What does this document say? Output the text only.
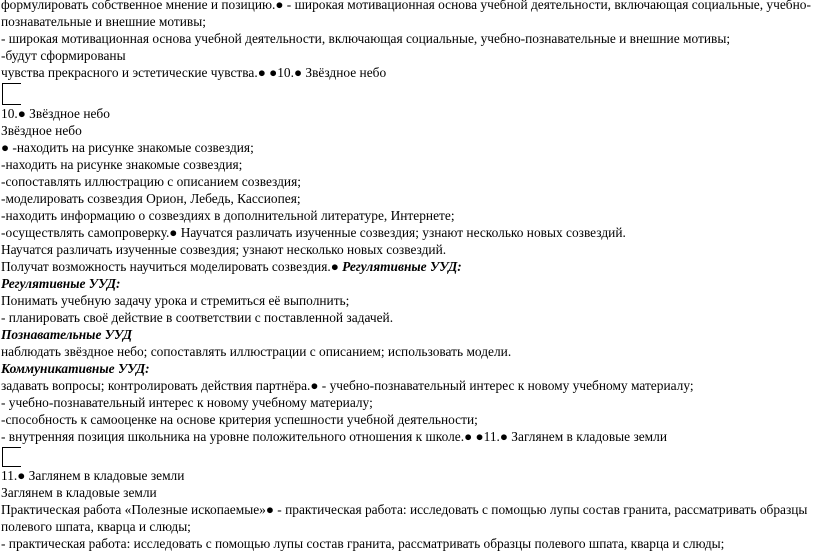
формулировать собственное мнение и позицию.● - широкая мотивационная основа учебной деятельности, включающая социальные, учебно-познавательные и внешние мотивы;
- широкая мотивационная основа учебной деятельности, включающая социальные, учебно-познавательные и внешние мотивы;
-будут сформированы
чувства прекрасного и эстетические чувства.● ●10.● Звёздное небо
10.● Звёздное небо
Звёздное небо
● -находить на рисунке знакомые созвездия;
-находить на рисунке знакомые созвездия;
-сопоставлять иллюстрацию с описанием созвездия;
-моделировать созвездия Орион, Лебедь, Кассиопея;
-находить информацию о созвездиях в дополнительной литературе, Интернете;
-осуществлять самопроверку.● Научатся различать изученные созвездия; узнают несколько новых созвездий.
Научатся различать изученные созвездия; узнают несколько новых созвездий.
Получат возможность научиться моделировать созвездия.● Регулятивные УУД:
Регулятивные УУД:
Понимать учебную задачу урока и стремиться её выполнить;
- планировать своё действие в соответствии с поставленной задачей.
Познавательные УУД
наблюдать звёздное небо; сопоставлять иллюстрации с описанием; использовать модели.
Коммуникативные УУД:
задавать вопросы; контролировать действия партнёра.● - учебно-познавательный интерес к новому учебному материалу;
- учебно-познавательный интерес к новому учебному материалу;
-способность к самооценке на основе критерия успешности учебной деятельности;
- внутренняя позиция школьника на уровне положительного отношения к школе.● ●11.● Заглянем в кладовые земли
11.● Заглянем в кладовые земли
Заглянем в кладовые земли
Практическая работа «Полезные ископаемые»● - практическая работа: исследовать с помощью лупы состав гранита, рассматривать образцы полевого шпата, кварца и слюды;
- практическая работа: исследовать с помощью лупы состав гранита, рассматривать образцы полевого шпата, кварца и слюды;
